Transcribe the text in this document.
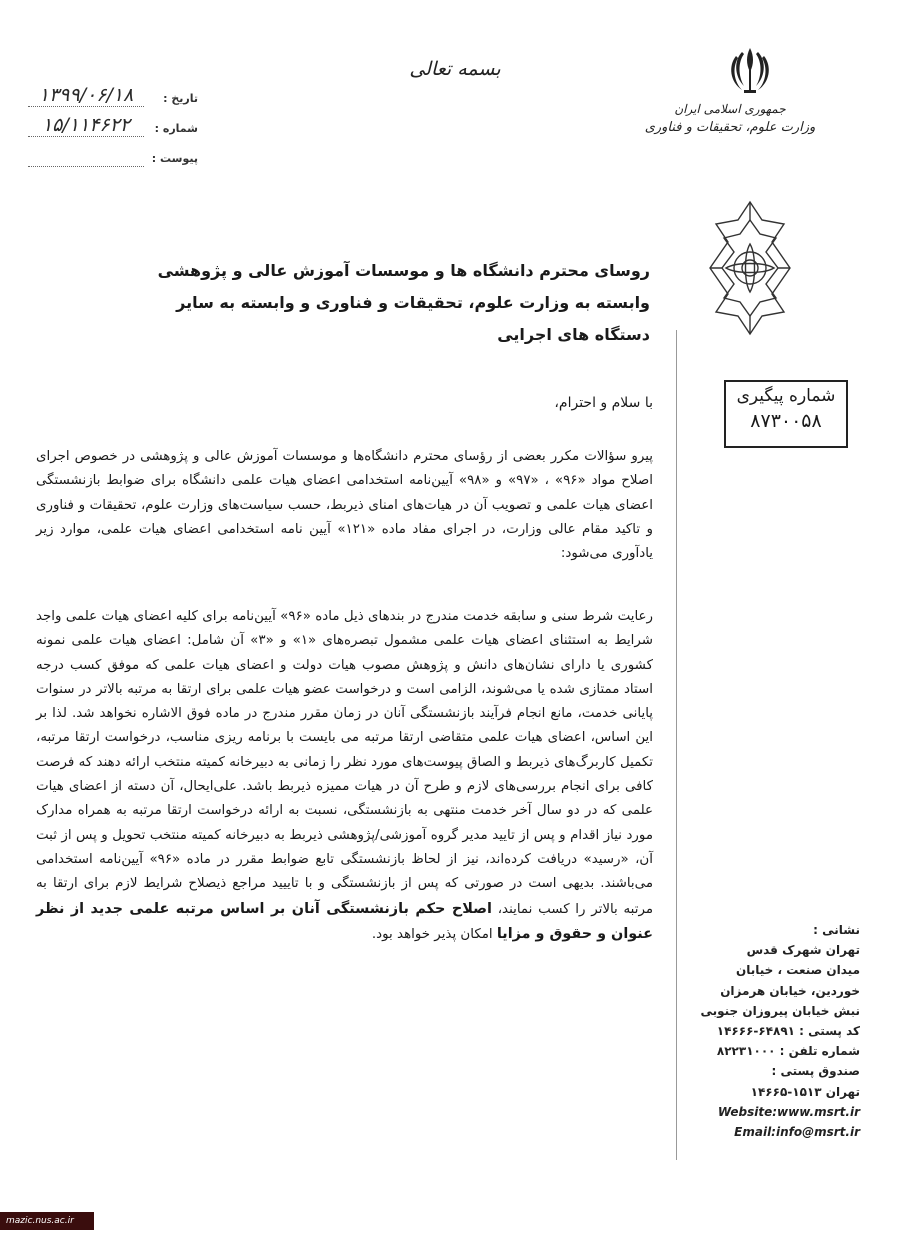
بسمه تعالی
تاریخ :
۱۳۹۹/۰۶/۱۸
شماره :
۱۵/۱۱۴۶۲۲
پیوست :
جمهوری اسلامی ایران
وزارت علوم، تحقیقات و فناوری
شماره پیگیری
۸۷۳۰۰۵۸
روسای محترم دانشگاه ها و موسسات آموزش عالی و پژوهشی
وابسته به وزارت علوم، تحقیقات و فناوری و وابسته به سایر دستگاه های اجرایی
با سلام و احترام،
پیرو سؤالات مکرر بعضی از رؤسای محترم دانشگاه‌ها و موسسات آموزش عالی و پژوهشی در خصوص اجرای اصلاح مواد «۹۶» ، «۹۷» و «۹۸» آیین‌نامه استخدامی اعضای هیات علمی دانشگاه برای ضوابط بازنشستگی اعضای هیات علمی و تصویب آن در هیات‌های امنای ذیربط، حسب سیاست‌های وزارت علوم، تحقیقات و فناوری و تاکید مقام عالی وزارت، در اجرای مفاد ماده «۱۲۱» آیین نامه استخدامی اعضای هیات علمی، موارد زیر یادآوری می‌شود:
رعایت شرط سنی و سابقه خدمت مندرج در بندهای ذیل ماده «۹۶» آیین‌نامه برای کلیه اعضای هیات علمی واجد شرایط به استثنای اعضای هیات علمی مشمول تبصره‌های «۱» و «۳» آن شامل: اعضای هیات علمی نمونه کشوری یا دارای نشان‌های دانش و پژوهش مصوب هیات دولت و اعضای هیات علمی که موفق کسب درجه استاد ممتازی شده یا می‌شوند، الزامی است و درخواست عضو هیات علمی برای ارتقا به مرتبه بالاتر در سنوات پایانی خدمت، مانع انجام فرآیند بازنشستگی آنان در زمان مقرر مندرج در ماده فوق الاشاره نخواهد شد. لذا بر این اساس، اعضای هیات علمی متقاضی ارتقا مرتبه می بایست با برنامه ریزی مناسب، درخواست ارتقا مرتبه، تکمیل کاربرگ‌های ذیربط و الصاق پیوست‌های مورد نظر را زمانی به دبیرخانه کمیته منتخب ارائه دهند که فرصت کافی برای انجام بررسی‌های لازم و طرح آن در هیات ممیزه ذیربط باشد. علی‌ایحال، آن دسته از اعضای هیات علمی که در دو سال آخر خدمت منتهی به بازنشستگی، نسبت به ارائه درخواست ارتقا مرتبه به همراه مدارک مورد نیاز اقدام و پس از تایید مدیر گروه آموزشی/پژوهشی ذیربط به دبیرخانه کمیته منتخب تحویل و پس از ثبت آن، «رسید» دریافت کرده‌اند، نیز از لحاظ بازنشستگی تابع ضوابط مقرر در ماده «۹۶» آیین‌نامه استخدامی می‌باشند. بدیهی است در صورتی که پس از بازنشستگی و با تاییید مراجع ذیصلاح شرایط لازم برای ارتقا به مرتبه بالاتر را کسب نمایند، اصلاح حکم بازنشستگی آنان بر اساس مرتبه علمی جدید از نظر عنوان و حقوق و مزایا امکان پذیر خواهد بود.	نشانی :
تهران شهرک قدس
میدان صنعت ، خیابان
خوردین، خیابان هرمزان
نبش خیابان پیروزان جنوبی
کد پستی : ۶۴۸۹۱-۱۴۶۶۶
شماره تلفن : ۸۲۲۳۱۰۰۰
صندوق پستی :
تهران ۱۵۱۳-۱۴۶۶۵
Website:www.msrt.ir
Email:info@msrt.ir
mazic.nus.ac.ir
